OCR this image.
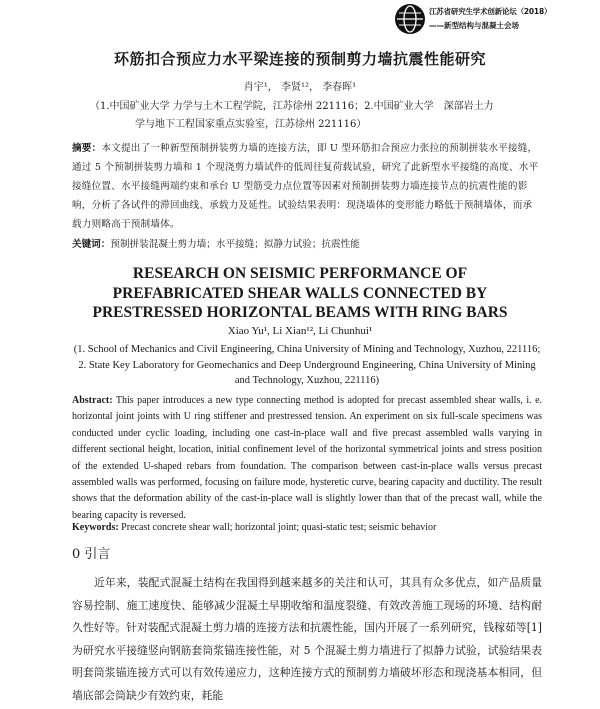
江苏省研究生学术创新论坛（2018）
——新型结构与混凝土会场
环筋扣合预应力水平梁连接的预制剪力墙抗震性能研究
肖宇¹， 李贤¹²， 李春晖¹
（1.中国矿业大学 力学与土木工程学院，江苏徐州 221116；2.中国矿业大学　深部岩土力
学与地下工程国家重点实验室，江苏徐州 221116）
摘要：本文提出了一种新型预制拼装剪力墙的连接方法，即 U 型环筋扣合预应力张拉的预制拼装水平接缝，通过 5 个预制拼装剪力墙和 1 个现浇剪力墙试件的低周往复荷载试验，研究了此新型水平接缝的高度、水平接缝位置、水平接缝两端约束和承台 U 型筋受力点位置等因素对预制拼装剪力墙连接节点的抗震性能的影响，分析了各试件的滞回曲线、承载力及延性。试验结果表明：现浇墙体的变形能力略低于预制墙体，而承载力则略高于预制墙体。
关键词：预制拼装混凝土剪力墙；水平接缝；拟静力试验；抗震性能
RESEARCH ON SEISMIC PERFORMANCE OF
PREFABRICATED SHEAR WALLS CONNECTED BY
PRESTRESSED HORIZONTAL BEAMS WITH RING BARS
Xiao Yu¹, Li Xian¹², Li Chunhui¹
(1. School of Mechanics and Civil Engineering, China University of Mining and Technology, Xuzhou, 221116; 2. State Key Laboratory for Geomechanics and Deep Underground Engineering, China University of Mining and Technology, Xuzhou, 221116)
Abstract: This paper introduces a new type connecting method is adopted for precast assembled shear walls, i. e. horizontal joint joints with U ring stiffener and prestressed tension. An experiment on six full-scale specimens was conducted under cyclic loading, including one cast-in-place wall and five precast assembled walls varying in different sectional height, location, initial confinement level of the horizontal symmetrical joints and stress position of the extended U-shaped rebars from foundation. The comparison between cast-in-place walls versus precast assembled walls was performed, focusing on failure mode, hysteretic curve, bearing capacity and ductility. The result shows that the deformation ability of the cast-in-place wall is slightly lower than that of the precast wall, while the bearing capacity is reversed.
Keywords: Precast concrete shear wall; horizontal joint; quasi-static test; seismic behavior
0 引言

近年来，装配式混凝土结构在我国得到越来越多的关注和认可，其具有众多优点，如产品质量容易控制、施工速度快、能够减少混凝土早期收缩和温度裂缝、有效改善施工现场的环境、结构耐久性好等。针对装配式混凝土剪力墙的连接方法和抗震性能，国内开展了一系列研究，钱稼茹等[1]为研究水平接缝竖向钢筋套筒浆锚连接性能，对 5 个混凝土剪力墙进行了拟静力试验，试验结果表明套筒浆锚连接方式可以有效传递应力，这种连接方式的预制剪力墙破坏形态和现浇基本相同，但墙底部会筒缺少有效约束，耗能
